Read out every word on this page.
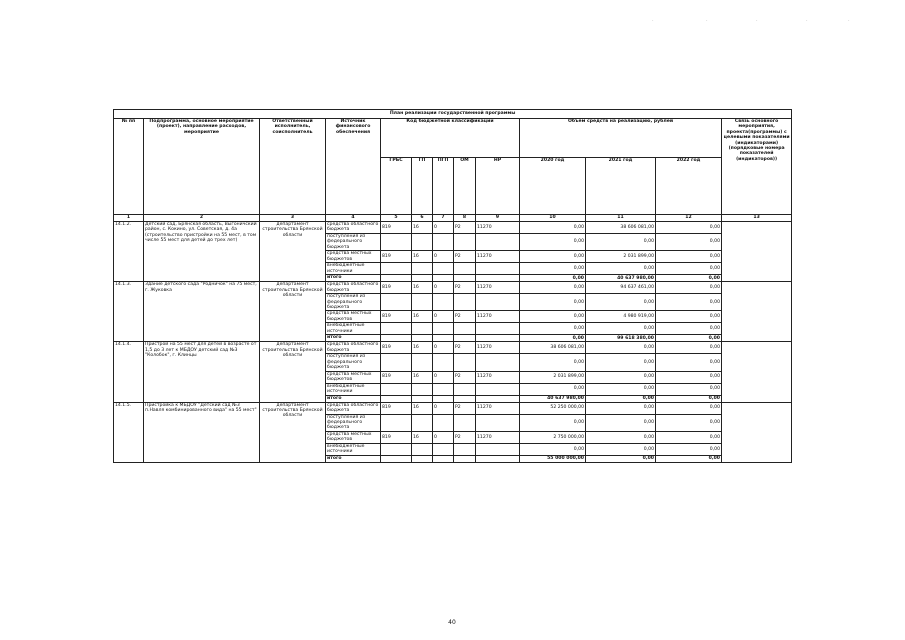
·	·	·	·	·
План реализации государственной программы												
№ пп	Подпрограмма, основное мероприятие (проект), направление расходов, мероприятие	Ответственный исполнитель, соисполнитель	Источник финансового обеспечения	Код бюджетной классификации					Объём средств на реализацию, рублей			Связь основного мероприятия, проекта(программы) с целевыми показателями (индикаторами) (порядковые номера показателей (индикаторов))
				ГРБС	ГП	ПГП	ОМ	НР	2020 год	2021 год	2022 год	
1	2	3	4	5	6	7	8	9	10	11	12	13
14.1.2.	Детский сад, Брянская область, Выгоничский район, с. Кокино, ул. Советская, д. 4а (строительство пристройки на 55 мест, в том числе 55 мест для детей до трех лет)	департамент строительства Брянской области	средства областного бюджета	819	16	0	Р2	11270	0,00	38 606 081,00	0,00	
			поступления из федерального бюджета						0,00	0,00	0,00	
			средства местных бюджетов	819	16	0	Р2	11270	0,00	2 031 899,00	0,00	
			внебюджетные источники						0,00	0,00	0,00	
			итого						0,00	40 637 980,00	0,00	
14.1.3.	Здание детского сада "Родничок" на 75 мест, г. Жуковка	департамент строительства Брянской области	средства областного бюджета	819	16	0	Р2	11270	0,00	94 637 461,00	0,00	
			поступления из федерального бюджета						0,00	0,00	0,00	
			средства местных бюджетов	819	16	0	Р2	11270	0,00	4 980 919,00	0,00	
			внебюджетные источники						0,00	0,00	0,00	
			итого						0,00	99 618 380,00	0,00	
14.1.4.	Пристрой на 55 мест для детей в возрасте от 1,5 до 3 лет к МБДОУ детский сад №3 "Колобок", г. Клинцы	департамент строительства Брянской области	средства областного бюджета	819	16	0	Р2	11270	38 606 081,00	0,00	0,00	
			поступления из федерального бюджета						0,00	0,00	0,00	
			средства местных бюджетов	819	16	0	Р2	11270	2 031 899,00	0,00	0,00	
			внебюджетные источники						0,00	0,00	0,00	
			итого						40 637 980,00	0,00	0,00	
14.1.5.	Пристройка к МБДОУ "Детский сад №3 п.Навля комбинированного вида" на 55 мест"	департамент строительства Брянской области	средства областного бюджета	819	16	0	Р2	11270	52 250 000,00	0,00	0,00	
			поступления из федерального бюджета						0,00	0,00	0,00	
			средства местных бюджетов	819	16	0	Р2	11270	2 750 000,00	0,00	0,00	
			внебюджетные источники						0,00	0,00	0,00	
			итого						55 000 000,00	0,00	0,00	
40
